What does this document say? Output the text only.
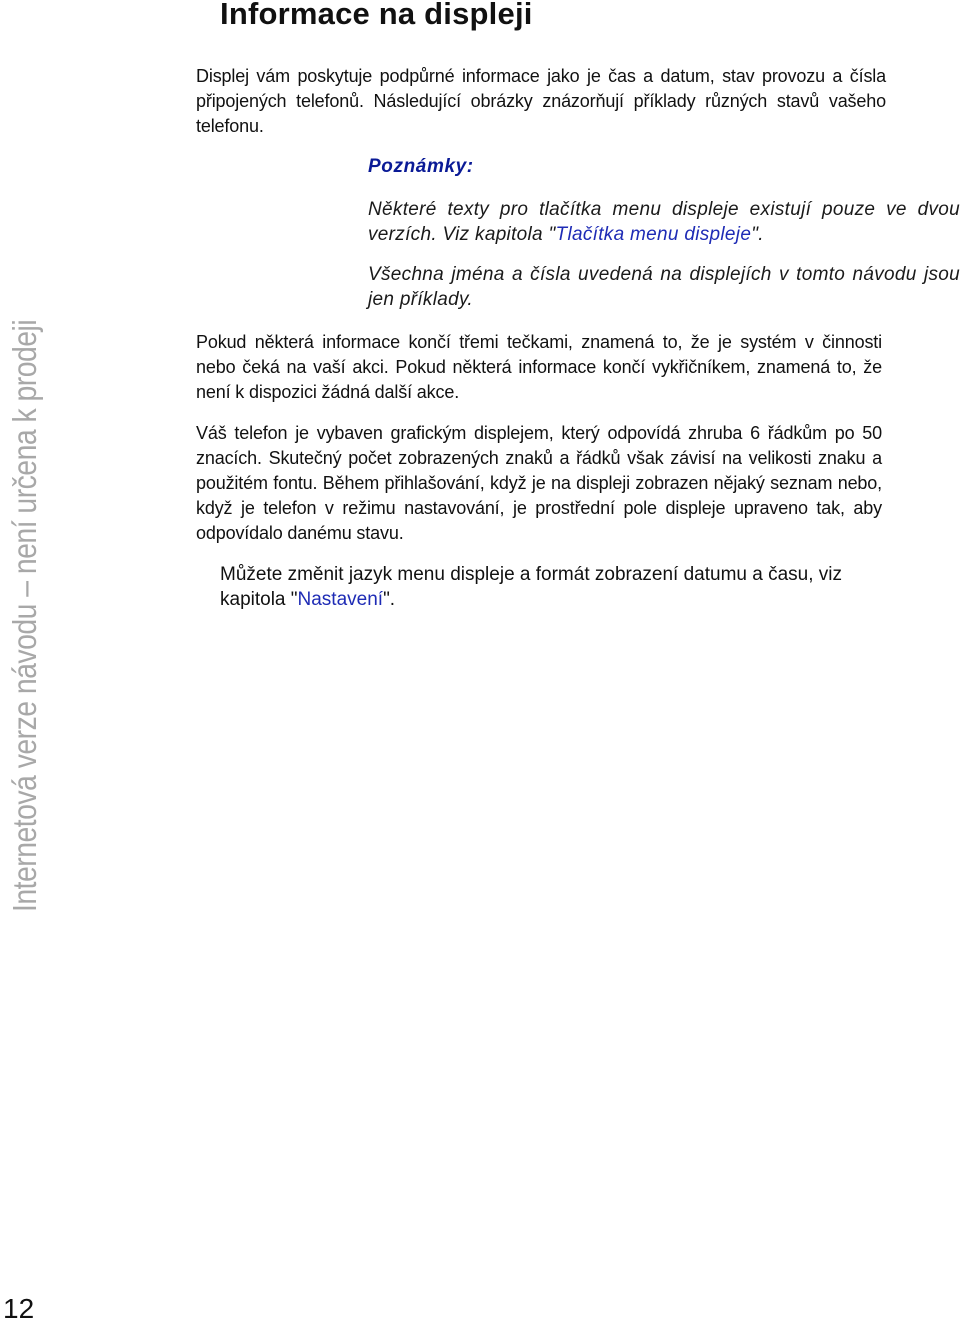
Informace na displeji
Internetová verze návodu – není určena k prodeji
12

Displej vám poskytuje podpůrné informace jako je čas a datum, stav provozu a čísla připojených telefonů. Následující obrázky znázorňují příklady různých stavů vašeho telefonu.

Poznámky:

Některé texty pro tlačítka menu displeje existují pouze ve dvou verzích. Viz kapitola "Tlačítka menu displeje".

Všechna jména a čísla uvedená na displejích v tomto návodu jsou jen příklady.

Pokud některá informace končí třemi tečkami, znamená to, že je systém v činnosti nebo čeká na vaší akci. Pokud některá informace končí vykřičníkem, znamená to, že není k dispozici žádná další akce.

Váš telefon je vybaven grafickým displejem, který odpovídá zhruba 6 řádkům po 50 znacích. Skutečný počet zobrazených znaků a řádků však závisí na velikosti znaku a použitém fontu. Během přihlašování, když je na displeji zobrazen nějaký seznam nebo, když je telefon v režimu nastavování, je prostřední pole displeje upraveno tak, aby odpovídalo danému stavu.

Můžete změnit jazyk menu displeje a formát zobrazení datumu a času, viz kapitola "Nastavení".
